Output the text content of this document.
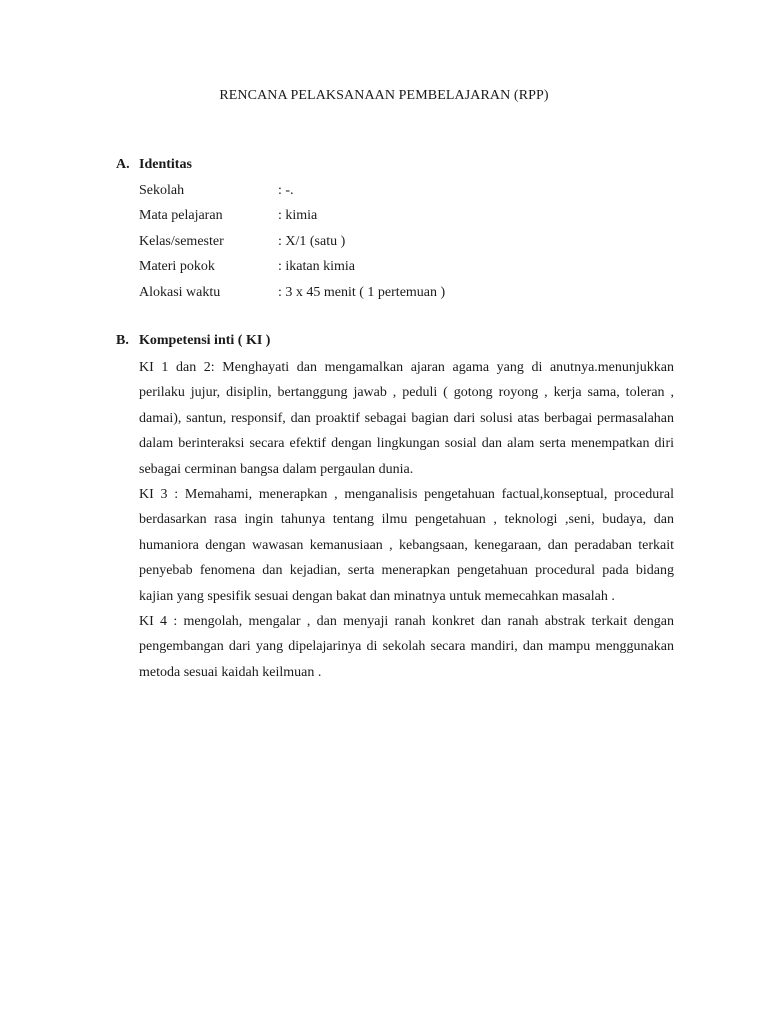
RENCANA PELAKSANAAN PEMBELAJARAN (RPP)
A. Identitas
Sekolah	: -.
Mata pelajaran	: kimia
Kelas/semester	: X/1 (satu )
Materi pokok	: ikatan kimia
Alokasi waktu	: 3 x 45 menit ( 1 pertemuan )
B. Kompetensi inti ( KI )

KI 1 dan 2: Menghayati dan mengamalkan ajaran agama yang di anutnya.menunjukkan perilaku jujur, disiplin, bertanggung jawab , peduli ( gotong royong , kerja sama, toleran , damai), santun, responsif, dan proaktif sebagai bagian dari solusi atas berbagai permasalahan dalam berinteraksi secara efektif dengan lingkungan sosial dan alam serta menempatkan diri sebagai cerminan bangsa dalam pergaulan dunia.

KI 3 : Memahami, menerapkan , menganalisis pengetahuan factual,konseptual, procedural berdasarkan rasa ingin tahunya tentang ilmu pengetahuan , teknologi ,seni, budaya, dan humaniora dengan wawasan kemanusiaan , kebangsaan, kenegaraan, dan peradaban terkait penyebab fenomena dan kejadian, serta menerapkan pengetahuan procedural pada bidang kajian yang spesifik sesuai dengan bakat dan minatnya untuk memecahkan masalah .

KI 4 : mengolah, mengalar , dan menyaji ranah konkret dan ranah abstrak terkait dengan pengembangan dari yang dipelajarinya di sekolah secara mandiri, dan mampu menggunakan metoda sesuai kaidah keilmuan .
